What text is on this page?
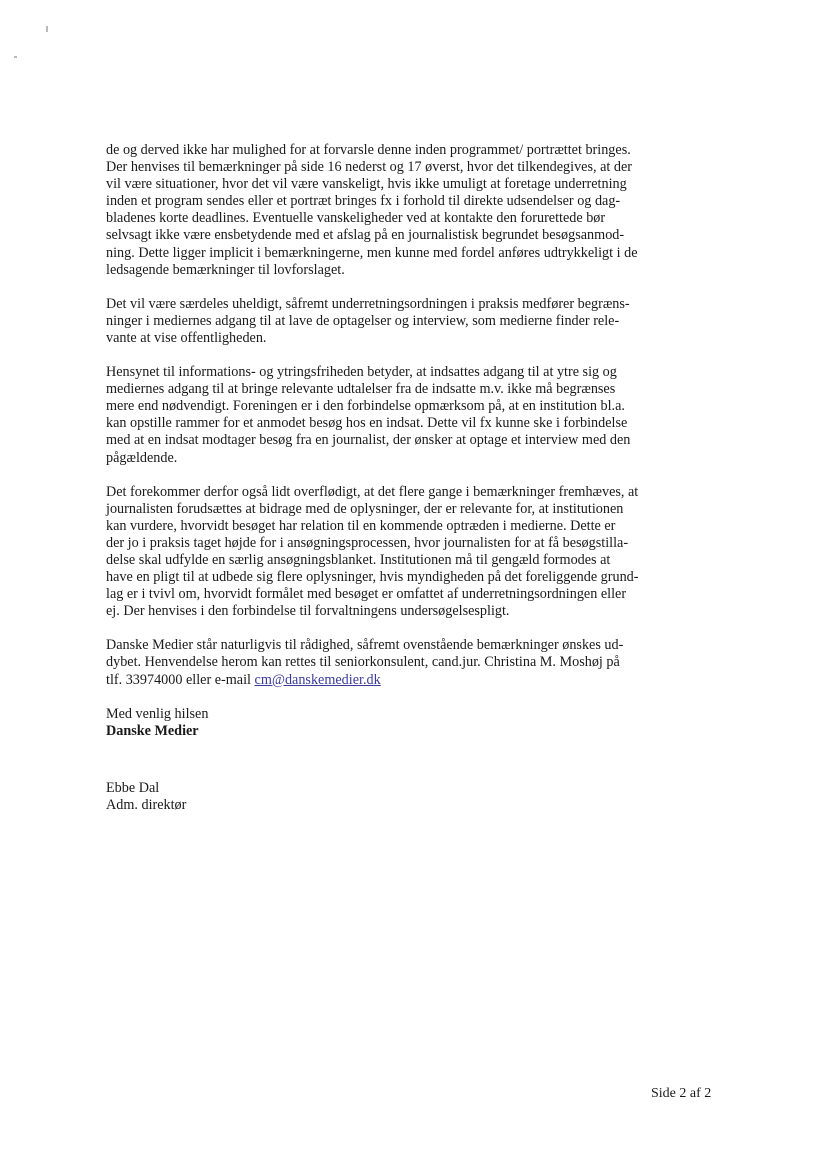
de og derved ikke har mulighed for at forvarsle denne inden programmet/ portrættet bringes.
Der henvises til bemærkninger på side 16 nederst og 17 øverst, hvor det tilkendegives, at der
vil være situationer, hvor det vil være vanskeligt, hvis ikke umuligt at foretage underretning
inden et program sendes eller et portræt bringes fx i forhold til direkte udsendelser og dag-
bladenes korte deadlines. Eventuelle vanskeligheder ved at kontakte den forurettede bør
selvsagt ikke være ensbetydende med et afslag på en journalistisk begrundet besøgsanmod-
ning. Dette ligger implicit i bemærkningerne, men kunne med fordel anføres udtrykkeligt i de
ledsagende bemærkninger til lovforslaget.

Det vil være særdeles uheldigt, såfremt underretningsordningen i praksis medfører begræns-
ninger i mediernes adgang til at lave de optagelser og interview, som medierne finder rele-
vante at vise offentligheden.

Hensynet til informations- og ytringsfriheden betyder, at indsattes adgang til at ytre sig og
mediernes adgang til at bringe relevante udtalelser fra de indsatte m.v. ikke må begrænses
mere end nødvendigt. Foreningen er i den forbindelse opmærksom på, at en institution bl.a.
kan opstille rammer for et anmodet besøg hos en indsat. Dette vil fx kunne ske i forbindelse
med at en indsat modtager besøg fra en journalist, der ønsker at optage et interview med den
pågældende.

Det forekommer derfor også lidt overflødigt, at det flere gange i bemærkninger fremhæves, at
journalisten forudsættes at bidrage med de oplysninger, der er relevante for, at institutionen
kan vurdere, hvorvidt besøget har relation til en kommende optræden i medierne. Dette er
der jo i praksis taget højde for i ansøgningsprocessen, hvor journalisten for at få besøgstilla-
delse skal udfylde en særlig ansøgningsblanket. Institutionen må til gengæld formodes at
have en pligt til at udbede sig flere oplysninger, hvis myndigheden på det foreliggende grund-
lag er i tvivl om, hvorvidt formålet med besøget er omfattet af underretningsordningen eller
ej. Der henvises i den forbindelse til forvaltningens undersøgelsespligt.

Danske Medier står naturligvis til rådighed, såfremt ovenstående bemærkninger ønskes ud-
dybet. Henvendelse herom kan rettes til seniorkonsulent, cand.jur. Christina M. Moshøj på
tlf. 33974000 eller e-mail cm@danskemedier.dk

Med venlig hilsen
Danske Medier
Ebbe Dal
Adm. direktør
Side 2 af 2
